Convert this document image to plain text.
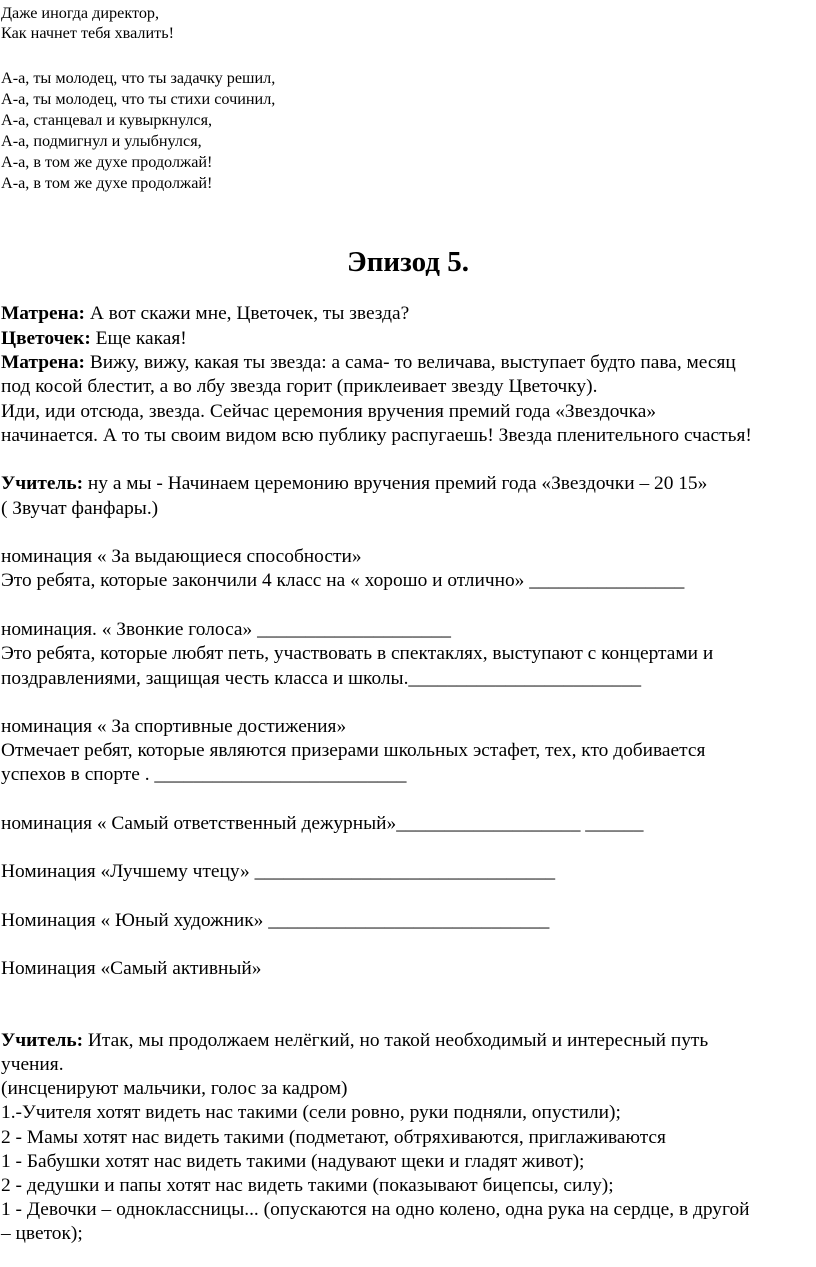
Даже иногда директор,
Как начнет тебя хвалить!
А-а, ты молодец, что ты задачку решил,
А-а, ты молодец, что ты стихи сочинил,
А-а, станцевал и кувыркнулся,
А-а, подмигнул и улыбнулся,
А-а, в том же духе продолжай!
А-а, в том же духе продолжай!
Эпизод 5.
Матрена: А вот скажи мне, Цветочек, ты звезда?
Цветочек: Еще какая!
Матрена: Вижу, вижу, какая ты звезда: а сама- то величава, выступает будто пава, месяц
под косой блестит, а во лбу звезда горит (приклеивает звезду Цветочку).
Иди, иди отсюда, звезда. Сейчас церемония вручения премий года «Звездочка»
начинается. А то ты своим видом всю публику распугаешь! Звезда пленительного счастья!
Учитель: ну а мы - Начинаем церемонию вручения премий года «Звездочки – 20 15»
( Звучат фанфары.)
номинация « За выдающиеся способности»
Это ребята, которые закончили 4 класс на « хорошо и отлично» ________________
номинация. « Звонкие голоса» ____________________
Это ребята, которые любят петь, участвовать в спектаклях, выступают с концертами и
поздравлениями, защищая честь класса и школы.________________________
номинация « За спортивные достижения»
Отмечает ребят, которые являются призерами школьных эстафет, тех, кто добивается
успехов в спорте . __________________________
номинация « Самый ответственный дежурный»___________________ ______
Номинация «Лучшему чтецу» _______________________________
Номинация « Юный художник» _____________________________
Номинация «Самый активный»
Учитель: Итак, мы продолжаем нелёгкий, но такой необходимый и интересный путь
учения.
(инсценируют мальчики, голос за кадром)
1.-Учителя хотят видеть нас такими (сели ровно, руки подняли, опустили);
2 - Мамы хотят нас видеть такими (подметают, обтряхиваются, приглаживаются
1 - Бабушки хотят нас видеть такими (надувают щеки и гладят живот);
2 - дедушки и папы хотят нас видеть такими (показывают бицепсы, силу);
1 - Девочки – одноклассницы... (опускаются на одно колено, одна рука на сердце, в другой
– цветок);
